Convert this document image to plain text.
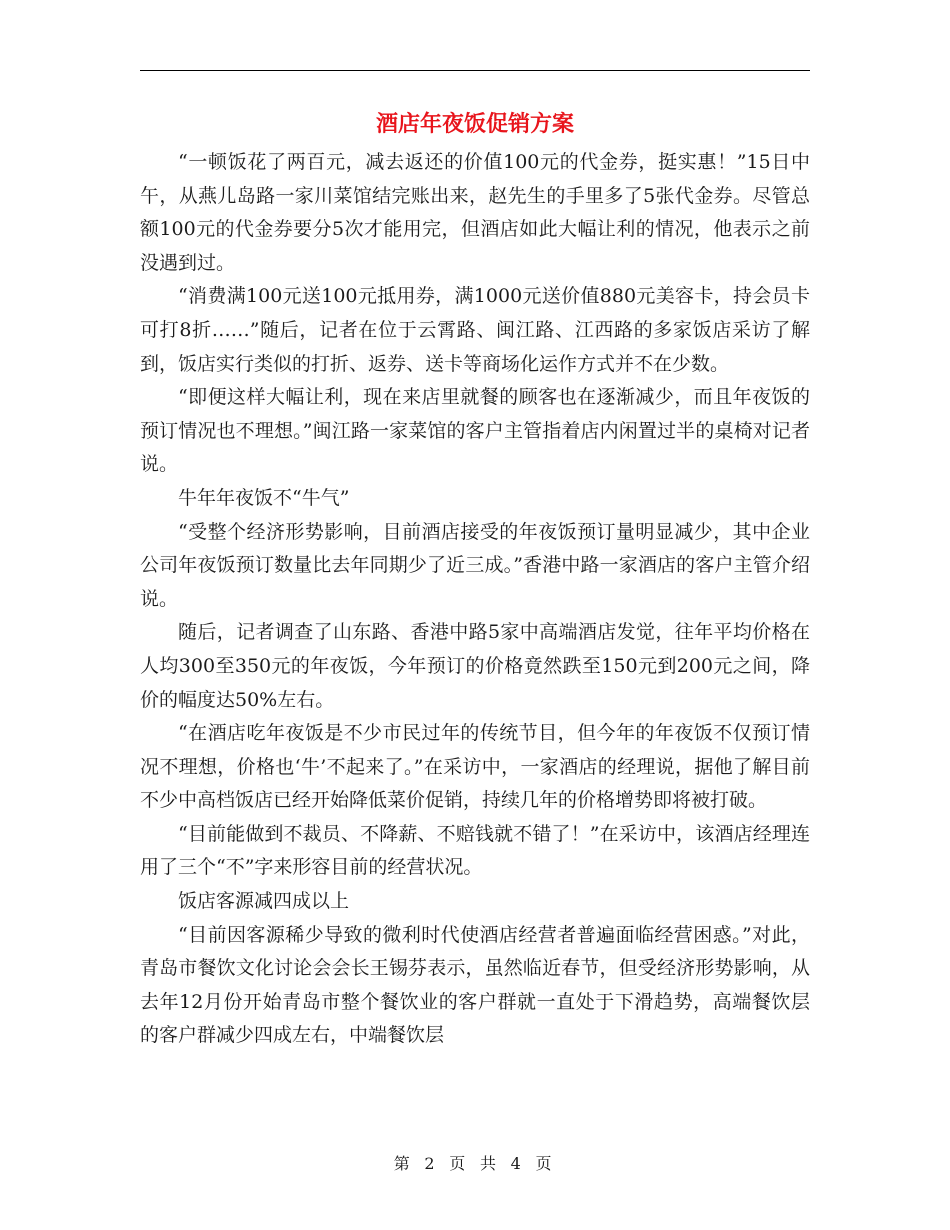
酒店年夜饭促销方案

“一顿饭花了两百元，减去返还的价值100元的代金券，挺实惠！”15日中午，从燕儿岛路一家川菜馆结完账出来，赵先生的手里多了5张代金券。尽管总额100元的代金券要分5次才能用完，但酒店如此大幅让利的情况，他表示之前没遇到过。

“消费满100元送100元抵用券，满1000元送价值880元美容卡，持会员卡可打8折……”随后，记者在位于云霄路、闽江路、江西路的多家饭店采访了解到，饭店实行类似的打折、返券、送卡等商场化运作方式并不在少数。

“即便这样大幅让利，现在来店里就餐的顾客也在逐渐减少，而且年夜饭的预订情况也不理想。”闽江路一家菜馆的客户主管指着店内闲置过半的桌椅对记者说。

牛年年夜饭不“牛气”

“受整个经济形势影响，目前酒店接受的年夜饭预订量明显减少，其中企业公司年夜饭预订数量比去年同期少了近三成。”香港中路一家酒店的客户主管介绍说。

随后，记者调查了山东路、香港中路5家中高端酒店发觉，往年平均价格在人均300至350元的年夜饭，今年预订的价格竟然跌至150元到200元之间，降价的幅度达50%左右。

“在酒店吃年夜饭是不少市民过年的传统节目，但今年的年夜饭不仅预订情况不理想，价格也‘牛’不起来了。”在采访中，一家酒店的经理说，据他了解目前不少中高档饭店已经开始降低菜价促销，持续几年的价格增势即将被打破。

“目前能做到不裁员、不降薪、不赔钱就不错了！”在采访中，该酒店经理连用了三个“不”字来形容目前的经营状况。

饭店客源减四成以上

“目前因客源稀少导致的微利时代使酒店经营者普遍面临经营困惑。”对此，青岛市餐饮文化讨论会会长王锡芬表示，虽然临近春节，但受经济形势影响，从去年12月份开始青岛市整个餐饮业的客户群就一直处于下滑趋势，高端餐饮层的客户群减少四成左右，中端餐饮层

第 2 页 共 4 页
